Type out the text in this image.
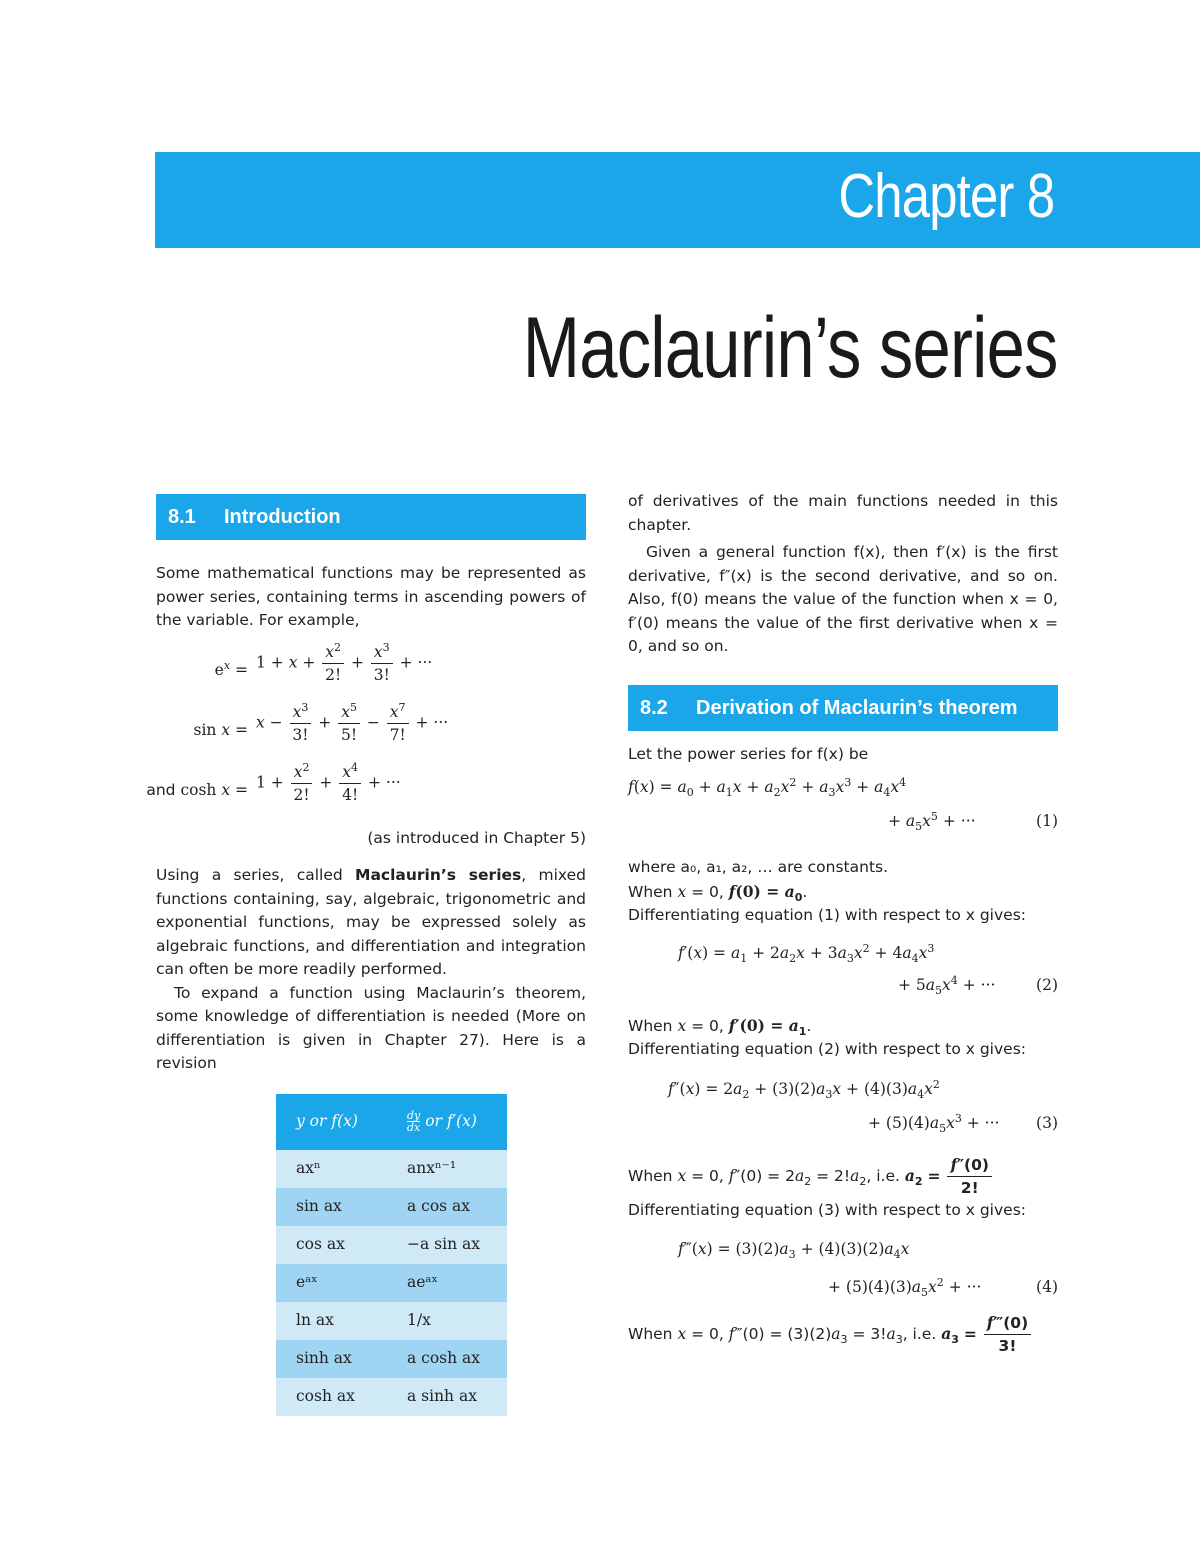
Chapter 8
Maclaurin’s series
8.1 Introduction

Some mathematical functions may be represented as power series, containing terms in ascending powers of the variable. For example,

$e^x = 1 + x + \frac{x^2}{2!} + \frac{x^3}{3!}$ + ···
$\sin x = x - \frac{x^3}{3!} + \frac{x^5}{5!} - \frac{x^7}{7!}$ + ···
and $\cosh x = 1 + \frac{x^2}{2!} + \frac{x^4}{4!}$ + ···

(as introduced in Chapter 5)

Using a series, called Maclaurin’s series, mixed functions containing, say, algebraic, trigonometric and exponential functions, may be expressed solely as algebraic functions, and differentiation and integration can often be more readily performed.

To expand a function using Maclaurin’s theorem, some knowledge of differentiation is needed (More on differentiation is given in Chapter 27). Here is a revision

y or f(x)	$\frac{dy}{dx}$ or f′(x)
axⁿ	anxⁿ⁻¹
sin ax	a cos ax
cos ax	−a sin ax
eᵃˣ	aeᵃˣ
ln ax	1/x
sinh ax	a cosh ax
cosh ax	a sinh ax

of derivatives of the main functions needed in this chapter.

Given a general function f(x), then f′(x) is the first derivative, f″(x) is the second derivative, and so on. Also, f(0) means the value of the function when x = 0, f′(0) means the value of the first derivative when x = 0, and so on.

8.2 Derivation of Maclaurin’s theorem

Let the power series for f(x) be

$f(x) = a_0 + a_1x + a_2x^2 + a_3x^3 + a_4x^4$
+ $a_5x^5$ + ···	(1)

where a₀, a₁, a₂, … are constants.

When x = 0, $f(0) = a_0$.

Differentiating equation (1) with respect to x gives:

$f'(x) = a_1 + 2a_2x + 3a_3x^2 + 4a_4x^3$
+ $5a_5x^4$ + ···	(2)

When x = 0, $f'(0) = a_1$.

Differentiating equation (2) with respect to x gives:

$f''(x) = 2a_2 + (3)(2)a_3x + (4)(3)a_4x^2$
+ $(5)(4)a_5x^3$ + ··· (3)

When x = 0, $f''(0) = 2a_2 = 2!a_2$, i.e. $a_2 = \frac{f''(0)}{2!}$

Differentiating equation (3) with respect to x gives:

f‴(x) = $(3)(2)a_3 + (4)(3)(2)a_4x$
+ $(5)(4)(3)a_5x^2$ + ···	(4)

When x = 0, f‴(0) = $(3)(2)a_3 = 3!a_3$, i.e. $a_3 = \frac{f‴(0)}{3!}$
